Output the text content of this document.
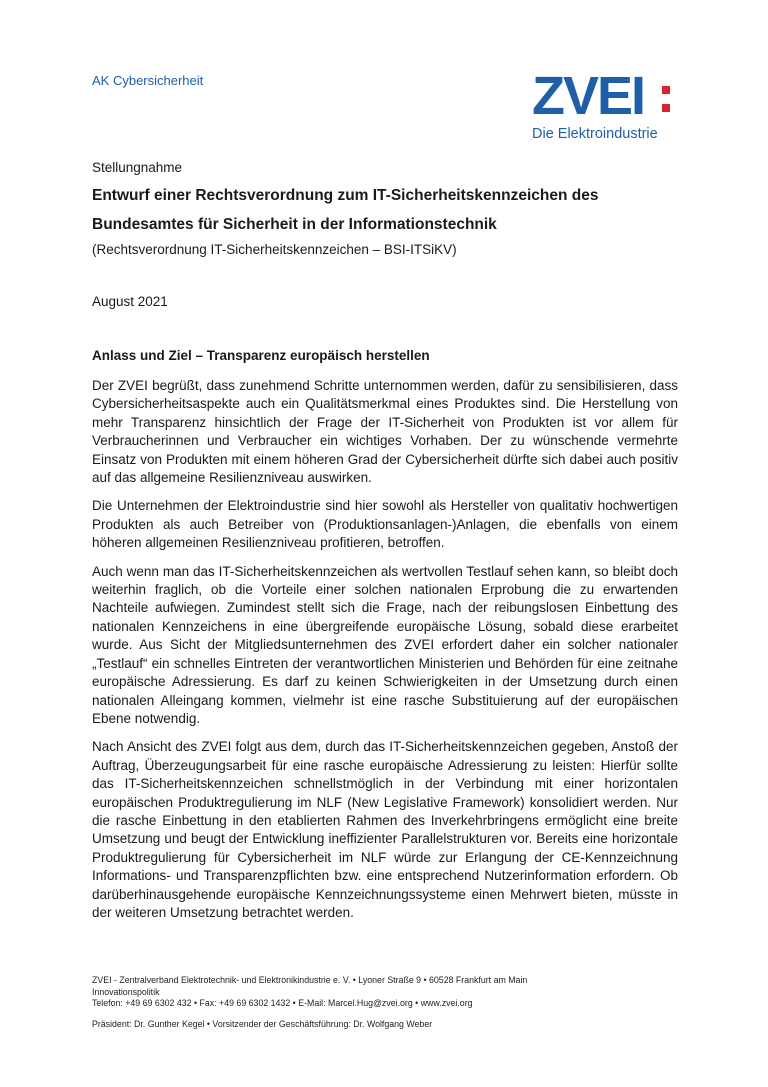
AK Cybersicherheit	ZVEI
Die Elektroindustrie
Stellungnahme
Entwurf einer Rechtsverordnung zum IT-Sicherheitskennzeichen des Bundesamtes für Sicherheit in der Informationstechnik
(Rechtsverordnung IT-Sicherheitskennzeichen – BSI-ITSiKV)
August 2021
Anlass und Ziel – Transparenz europäisch herstellen

Der ZVEI begrüßt, dass zunehmend Schritte unternommen werden, dafür zu sensibilisieren, dass Cybersicherheitsaspekte auch ein Qualitätsmerkmal eines Produktes sind. Die Herstellung von mehr Transparenz hinsichtlich der Frage der IT-Sicherheit von Produkten ist vor allem für Verbraucherinnen und Verbraucher ein wichtiges Vorhaben. Der zu wünschende vermehrte Einsatz von Produkten mit einem höheren Grad der Cybersicherheit dürfte sich dabei auch positiv auf das allgemeine Resilienzniveau auswirken.

Die Unternehmen der Elektroindustrie sind hier sowohl als Hersteller von qualitativ hochwertigen Produkten als auch Betreiber von (Produktionsanlagen-)Anlagen, die ebenfalls von einem höheren allgemeinen Resilienzniveau profitieren, betroffen.

Auch wenn man das IT-Sicherheitskennzeichen als wertvollen Testlauf sehen kann, so bleibt doch weiterhin fraglich, ob die Vorteile einer solchen nationalen Erprobung die zu erwartenden Nachteile aufwiegen. Zumindest stellt sich die Frage, nach der reibungslosen Einbettung des nationalen Kennzeichens in eine übergreifende europäische Lösung, sobald diese erarbeitet wurde. Aus Sicht der Mitgliedsunternehmen des ZVEI erfordert daher ein solcher nationaler „Testlauf“ ein schnelles Eintreten der verantwortlichen Ministerien und Behörden für eine zeitnahe europäische Adressierung. Es darf zu keinen Schwierigkeiten in der Umsetzung durch einen nationalen Alleingang kommen, vielmehr ist eine rasche Substituierung auf der europäischen Ebene notwendig.

Nach Ansicht des ZVEI folgt aus dem, durch das IT-Sicherheitskennzeichen gegeben, Anstoß der Auftrag, Überzeugungsarbeit für eine rasche europäische Adressierung zu leisten: Hierfür sollte das IT-Sicherheitskennzeichen schnellstmöglich in der Verbindung mit einer horizontalen europäischen Produktregulierung im NLF (New Legislative Framework) konsolidiert werden. Nur die rasche Einbettung in den etablierten Rahmen des Inverkehrbringens ermöglicht eine breite Umsetzung und beugt der Entwicklung ineffizienter Parallelstrukturen vor. Bereits eine horizontale Produktregulierung für Cybersicherheit im NLF würde zur Erlangung der CE-Kennzeichnung Informations- und Transparenzpflichten bzw. eine entsprechend Nutzerinformation erfordern. Ob darüberhinausgehende europäische Kennzeichnungssysteme einen Mehrwert bieten, müsste in der weiteren Umsetzung betrachtet werden.

ZVEI - Zentralverband Elektrotechnik- und Elektronikindustrie e. V. • Lyoner Straße 9 • 60528 Frankfurt am Main
Innovationspolitik
Telefon: +49 69 6302 432 • Fax: +49 69 6302 1432 • E-Mail: Marcel.Hug@zvei.org • www.zvei.org
Präsident: Dr. Gunther Kegel • Vorsitzender der Geschäftsführung: Dr. Wolfgang Weber
